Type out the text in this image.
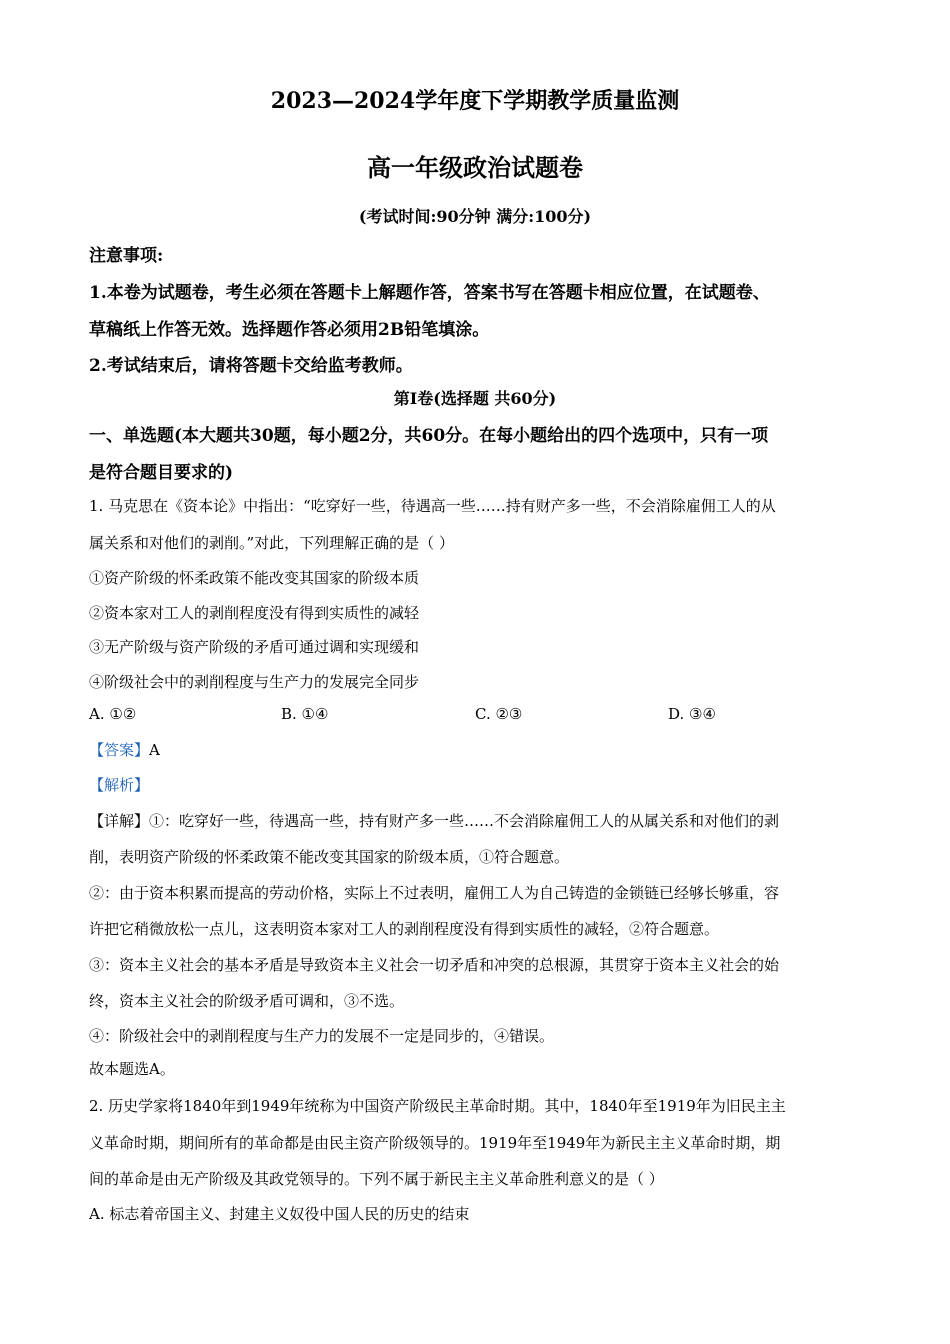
2023—2024学年度下学期教学质量监测
高一年级政治试题卷
(考试时间:90分钟 满分:100分)
注意事项:
1.本卷为试题卷，考生必须在答题卡上解题作答，答案书写在答题卡相应位置，在试题卷、
草稿纸上作答无效。选择题作答必须用2B铅笔填涂。
2.考试结束后，请将答题卡交给监考教师。
第Ⅰ卷(选择题 共60分)
一、单选题(本大题共30题，每小题2分，共60分。在每小题给出的四个选项中，只有一项
是符合题目要求的)
1. 马克思在《资本论》中指出：“吃穿好一些，待遇高一些……持有财产多一些，不会消除雇佣工人的从
属关系和对他们的剥削。”对此，下列理解正确的是（ ）
①资产阶级的怀柔政策不能改变其国家的阶级本质
②资本家对工人的剥削程度没有得到实质性的减轻
③无产阶级与资产阶级的矛盾可通过调和实现缓和
④阶级社会中的剥削程度与生产力的发展完全同步
A. ①②	B. ①④	C. ②③	D. ③④
【答案】A
【解析】
【详解】①：吃穿好一些，待遇高一些，持有财产多一些……不会消除雇佣工人的从属关系和对他们的剥
削，表明资产阶级的怀柔政策不能改变其国家的阶级本质，①符合题意。
②：由于资本积累而提高的劳动价格，实际上不过表明，雇佣工人为自己铸造的金锁链已经够长够重，容
许把它稍微放松一点儿，这表明资本家对工人的剥削程度没有得到实质性的减轻，②符合题意。
③：资本主义社会的基本矛盾是导致资本主义社会一切矛盾和冲突的总根源，其贯穿于资本主义社会的始
终，资本主义社会的阶级矛盾可调和，③不选。
④：阶级社会中的剥削程度与生产力的发展不一定是同步的，④错误。
故本题选A。
2. 历史学家将1840年到1949年统称为中国资产阶级民主革命时期。其中，1840年至1919年为旧民主主
义革命时期，期间所有的革命都是由民主资产阶级领导的。1919年至1949年为新民主主义革命时期，期
间的革命是由无产阶级及其政党领导的。下列不属于新民主主义革命胜利意义的是（ ）
A. 标志着帝国主义、封建主义奴役中国人民的历史的结束
